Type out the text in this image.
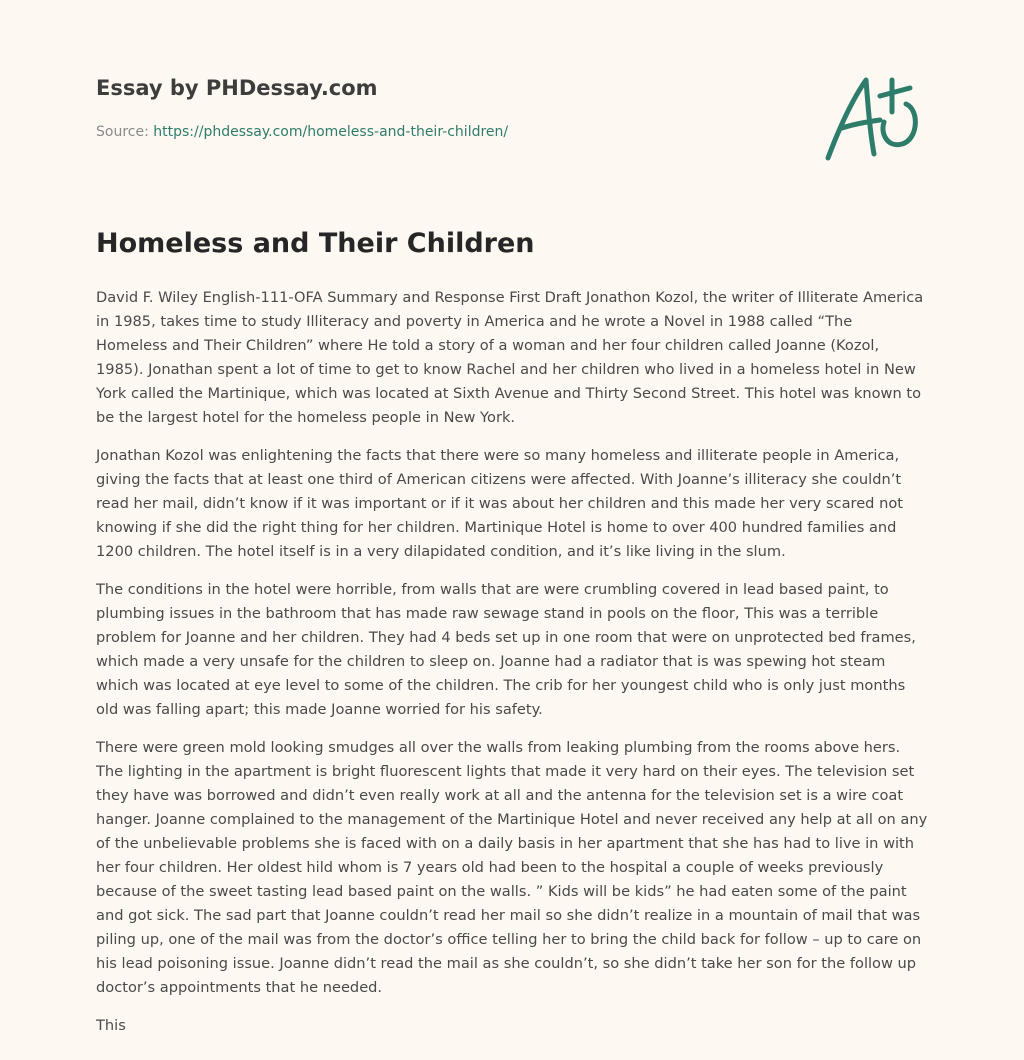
Essay by PHDessay.com
Source: https://phdessay.com/homeless-and-their-children/
Homeless and Their Children

David F. Wiley English-111-OFA Summary and Response First Draft Jonathon Kozol, the writer of Illiterate America in 1985, takes time to study Illiteracy and poverty in America and he wrote a Novel in 1988 called “The Homeless and Their Children” where He told a story of a woman and her four children called Joanne (Kozol, 1985). Jonathan spent a lot of time to get to know Rachel and her children who lived in a homeless hotel in New York called the Martinique, which was located at Sixth Avenue and Thirty Second Street. This hotel was known to be the largest hotel for the homeless people in New York.

Jonathan Kozol was enlightening the facts that there were so many homeless and illiterate people in America, giving the facts that at least one third of American citizens were affected. With Joanne’s illiteracy she couldn’t read her mail, didn’t know if it was important or if it was about her children and this made her very scared not knowing if she did the right thing for her children. Martinique Hotel is home to over 400 hundred families and 1200 children. The hotel itself is in a very dilapidated condition, and it’s like living in the slum.

The conditions in the hotel were horrible, from walls that are were crumbling covered in lead based paint, to plumbing issues in the bathroom that has made raw sewage stand in pools on the floor, This was a terrible problem for Joanne and her children. They had 4 beds set up in one room that were on unprotected bed frames, which made a very unsafe for the children to sleep on. Joanne had a radiator that is was spewing hot steam which was located at eye level to some of the children. The crib for her youngest child who is only just months old was falling apart; this made Joanne worried for his safety.

There were green mold looking smudges all over the walls from leaking plumbing from the rooms above hers. The lighting in the apartment is bright fluorescent lights that made it very hard on their eyes. The television set they have was borrowed and didn’t even really work at all and the antenna for the television set is a wire coat hanger. Joanne complained to the management of the Martinique Hotel and never received any help at all on any of the unbelievable problems she is faced with on a daily basis in her apartment that she has had to live in with her four children. Her oldest hild whom is 7 years old had been to the hospital a couple of weeks previously because of the sweet tasting lead based paint on the walls. ” Kids will be kids” he had eaten some of the paint and got sick. The sad part that Joanne couldn’t read her mail so she didn’t realize in a mountain of mail that was piling up, one of the mail was from the doctor’s office telling her to bring the child back for follow – up to care on his lead poisoning issue. Joanne didn’t read the mail as she couldn’t, so she didn’t take her son for the follow up doctor’s appointments that he needed.

This
